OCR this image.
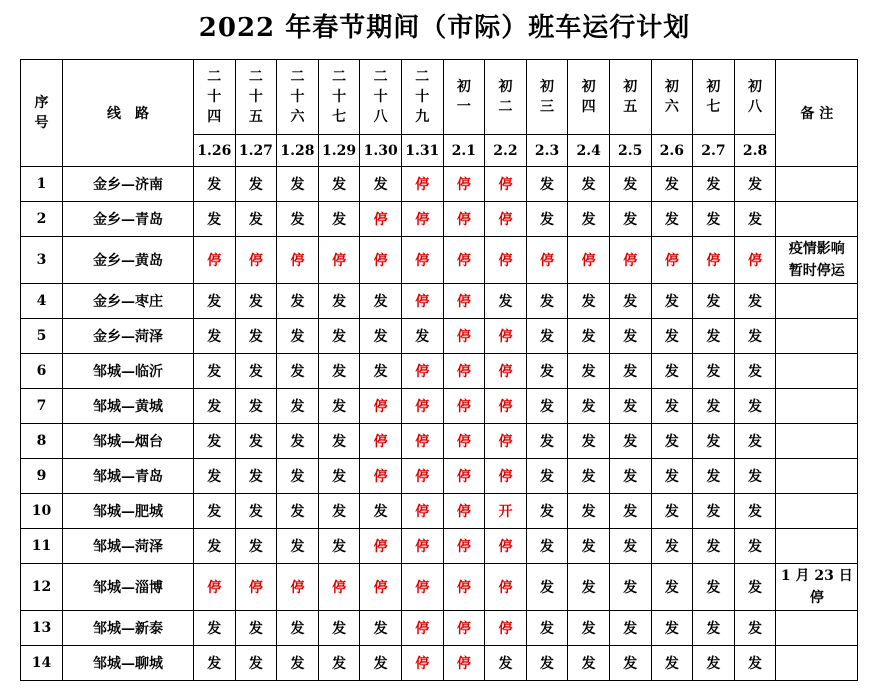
2022 年春节期间（市际）班车运行计划
序
号	线　路	二
十
四	二
十
五	二
十
六	二
十
七	二
十
八	二
十
九	初
一	初
二	初
三	初
四	初
五	初
六	初
七	初
八	备 注
		1.26	1.27	1.28	1.29	1.30	1.31	2.1	2.2	2.3	2.4	2.5	2.6	2.7	2.8	
1	金乡—济南	发	发	发	发	发	停	停	停	发	发	发	发	发	发	
2	金乡—青岛	发	发	发	发	停	停	停	停	发	发	发	发	发	发	
3	金乡—黄岛	停	停	停	停	停	停	停	停	停	停	停	停	停	停	疫情影响
暂时停运

4	金乡—枣庄	发	发	发	发	发	停	停	发	发	发	发	发	发	发	
5	金乡—菏泽	发	发	发	发	发	发	停	停	发	发	发	发	发	发	
6	邹城—临沂	发	发	发	发	发	停	停	停	发	发	发	发	发	发	
7	邹城—黄城	发	发	发	发	停	停	停	停	发	发	发	发	发	发	
8	邹城—烟台	发	发	发	发	停	停	停	停	发	发	发	发	发	发	
9	邹城—青岛	发	发	发	发	停	停	停	停	发	发	发	发	发	发	
10	邹城—肥城	发	发	发	发	发	停	停	开	发	发	发	发	发	发	
11	邹城—菏泽	发	发	发	发	停	停	停	停	发	发	发	发	发	发	
12	邹城—淄博	停	停	停	停	停	停	停	停	发	发	发	发	发	发	1 月 23 日
停

13	邹城—新泰	发	发	发	发	发	停	停	停	发	发	发	发	发	发	
14	邹城—聊城	发	发	发	发	发	停	停	发	发	发	发	发	发	发	
